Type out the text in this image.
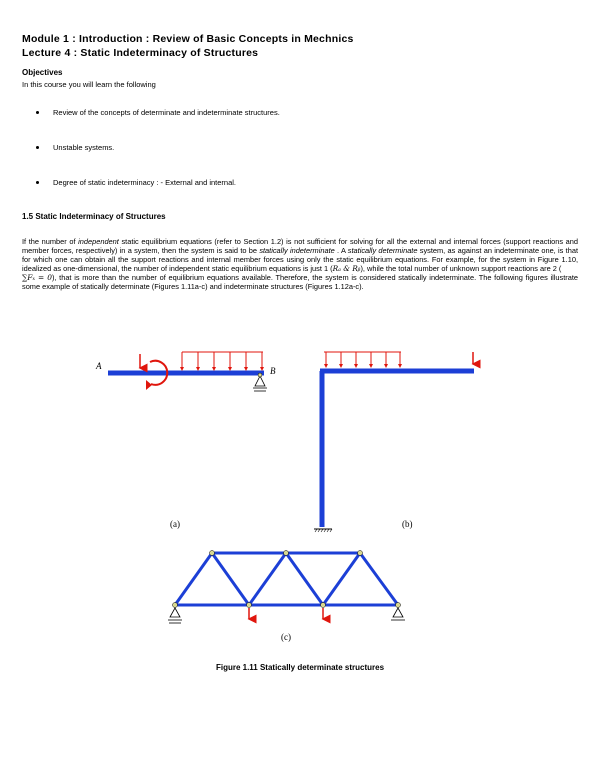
Module 1 : Introduction : Review of Basic Concepts in Mechnics
Lecture 4 : Static Indeterminacy of Structures
Objectives
In this course you will learn the following
Review of the concepts of determinate and indeterminate structures.
Unstable systems.
Degree of static indeterminacy : - External and internal.
1.5 Static Indeterminacy of Structures
If the number of independent static equilibrium equations (refer to Section 1.2) is not sufficient for solving for all the external and internal forces (support reactions and member forces, respectively) in a system, then the system is said to be statically indeterminate . A statically determinate system, as against an indeterminate one, is that for which one can obtain all the support reactions and internal member forces using only the static equilibrium equations. For example, for the system in Figure 1.10, idealized as one-dimensional, the number of independent static equilibrium equations is just 1 (Rₐ & Rᵦ), while the total number of unknown support reactions are 2 (
∑Fₓ = 0), that is more than the number of equilibrium equations available. Therefore, the system is considered statically indeterminate. The following figures illustrate some example of statically determinate (Figures 1.11a-c) and indeterminate structures (Figures 1.12a-c).
A	B
(a)	(b)
(c)
Figure 1.11 Statically determinate structures
